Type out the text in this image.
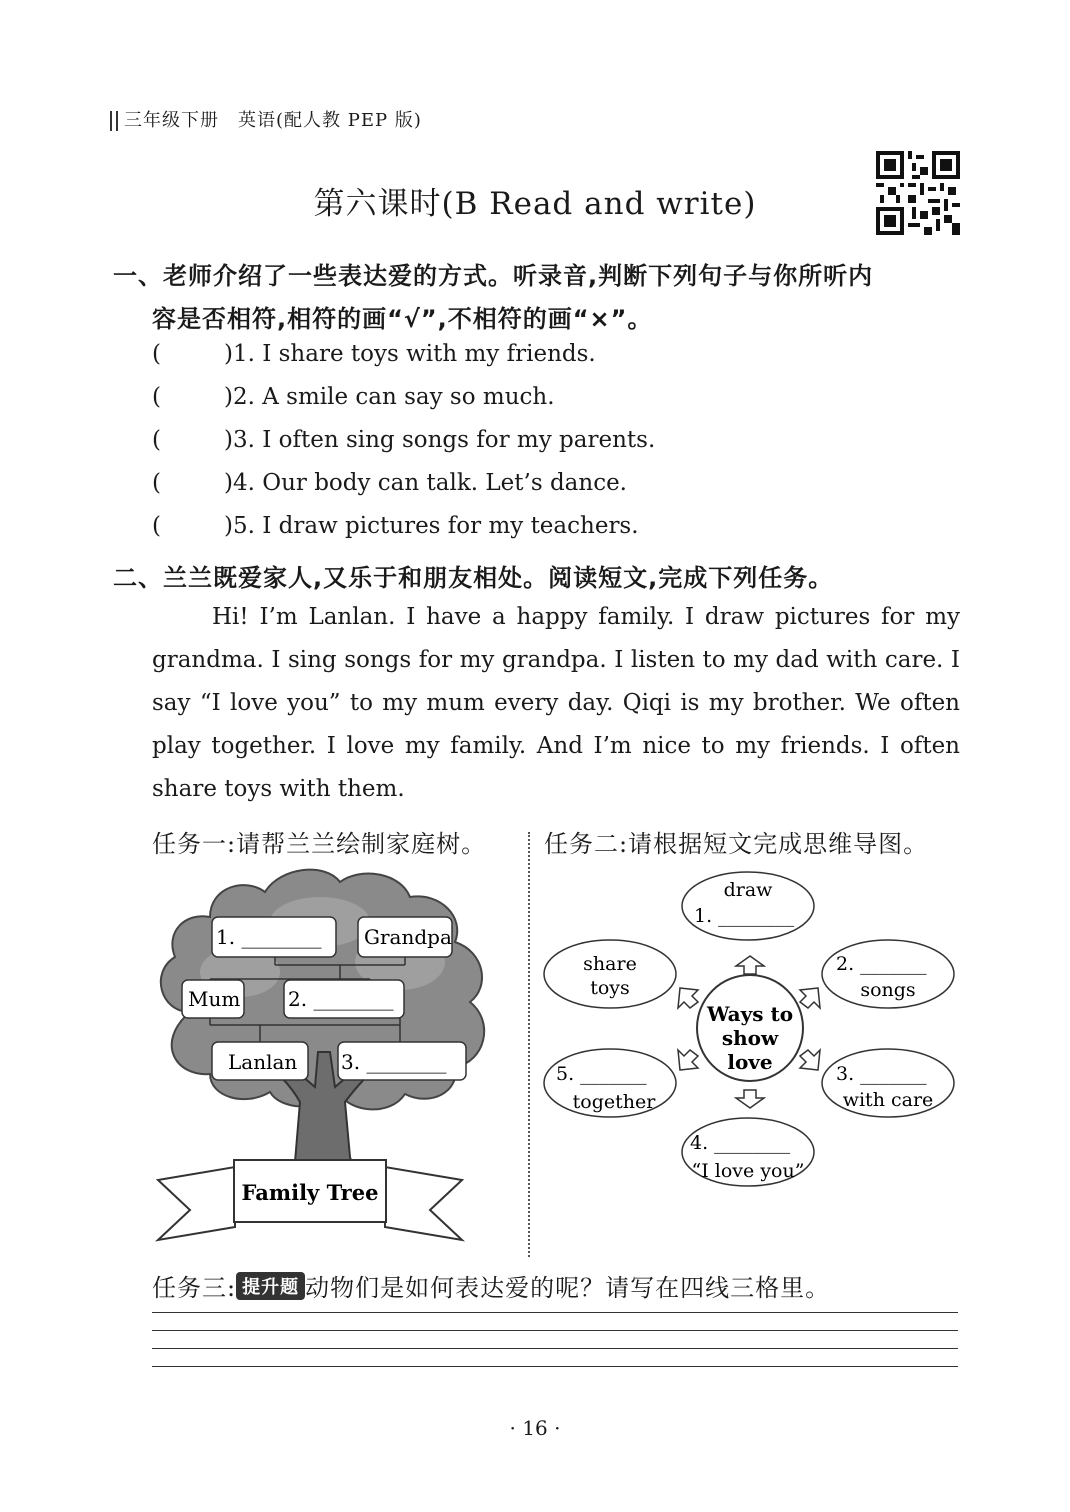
三年级下册　英语(配人教 PEP 版)
第六课时(B Read and write)
一、老师介绍了一些表达爱的方式。听录音,判断下列句子与你所听内
容是否相符,相符的画“√”,不相符的画“×”。
(	)1. I share toys with my friends.
(	)2. A smile can say so much.
(	)3. I often sing songs for my parents.
(	)4. Our body can talk. Let’s dance.
(	)5. I draw pictures for my teachers.
二、兰兰既爱家人,又乐于和朋友相处。阅读短文,完成下列任务。

Hi! I’m Lanlan. I have a happy family. I draw pictures for my grandma. I sing songs for my grandpa. I listen to my dad with care. I say “I love you” to my mum every day. Qiqi is my brother. We often play together. I love my family. And I’m nice to my friends. I often share toys with them.

任务一:请帮兰兰绘制家庭树。 任务二:请根据短文完成思维导图。
1. ________ Grandpa
Mum 2. ________
Lanlan 3. ________
Family Tree
Ways to
show
love
draw
1. ________
2. _______
songs
3. _______
with care
4. ________
“I love you”
5. _______
together
share
toys
任务三: 提升题 动物们是如何表达爱的呢？请写在四线三格里。
· 16 ·
